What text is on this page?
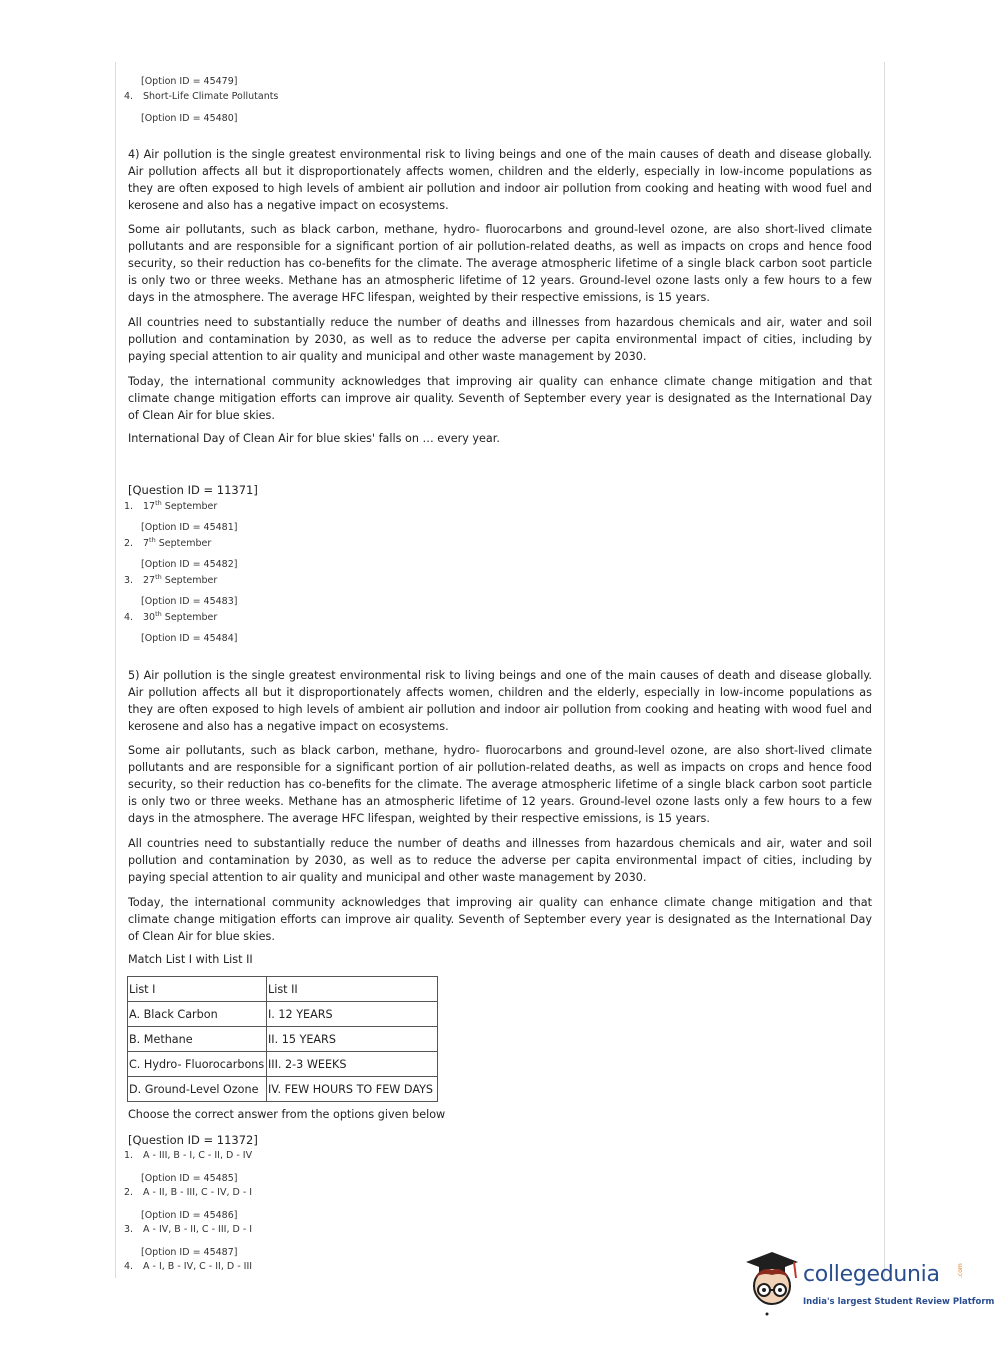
[Option ID = 45479]
4. Short-Life Climate Pollutants
[Option ID = 45480]
4) Air pollution is the single greatest environmental risk to living beings and one of the main causes of death and disease globally. Air pollution affects all but it disproportionately affects women, children and the elderly, especially in low-income populations as they are often exposed to high levels of ambient air pollution and indoor air pollution from cooking and heating with wood fuel and kerosene and also has a negative impact on ecosystems.
Some air pollutants, such as black carbon, methane, hydro- fluorocarbons and ground-level ozone, are also short-lived climate pollutants and are responsible for a significant portion of air pollution-related deaths, as well as impacts on crops and hence food security, so their reduction has co-benefits for the climate. The average atmospheric lifetime of a single black carbon soot particle is only two or three weeks. Methane has an atmospheric lifetime of 12 years. Ground-level ozone lasts only a few hours to a few days in the atmosphere. The average HFC lifespan, weighted by their respective emissions, is 15 years.
All countries need to substantially reduce the number of deaths and illnesses from hazardous chemicals and air, water and soil pollution and contamination by 2030, as well as to reduce the adverse per capita environmental impact of cities, including by paying special attention to air quality and municipal and other waste management by 2030.
Today, the international community acknowledges that improving air quality can enhance climate change mitigation and that climate change mitigation efforts can improve air quality. Seventh of September every year is designated as the International Day of Clean Air for blue skies.
International Day of Clean Air for blue skies' falls on … every year.
[Question ID = 11371]
1. 17th September
[Option ID = 45481]
2. 7th September
[Option ID = 45482]
3. 27th September
[Option ID = 45483]
4. 30th September
[Option ID = 45484]
5) Air pollution is the single greatest environmental risk to living beings and one of the main causes of death and disease globally. Air pollution affects all but it disproportionately affects women, children and the elderly, especially in low-income populations as they are often exposed to high levels of ambient air pollution and indoor air pollution from cooking and heating with wood fuel and kerosene and also has a negative impact on ecosystems.
Some air pollutants, such as black carbon, methane, hydro- fluorocarbons and ground-level ozone, are also short-lived climate pollutants and are responsible for a significant portion of air pollution-related deaths, as well as impacts on crops and hence food security, so their reduction has co-benefits for the climate. The average atmospheric lifetime of a single black carbon soot particle is only two or three weeks. Methane has an atmospheric lifetime of 12 years. Ground-level ozone lasts only a few hours to a few days in the atmosphere. The average HFC lifespan, weighted by their respective emissions, is 15 years.
All countries need to substantially reduce the number of deaths and illnesses from hazardous chemicals and air, water and soil pollution and contamination by 2030, as well as to reduce the adverse per capita environmental impact of cities, including by paying special attention to air quality and municipal and other waste management by 2030.
Today, the international community acknowledges that improving air quality can enhance climate change mitigation and that climate change mitigation efforts can improve air quality. Seventh of September every year is designated as the International Day of Clean Air for blue skies.
Match List I with List II
List I	List II
A. Black Carbon	I. 12 YEARS
B. Methane	II. 15 YEARS
C. Hydro- Fluorocarbons	III. 2-3 WEEKS
D. Ground-Level Ozone	IV. FEW HOURS TO FEW DAYS
Choose the correct answer from the options given below
[Question ID = 11372]
1. A - III, B - I, C - II, D - IV
[Option ID = 45485]
2. A - II, B - III, C - IV, D - I
[Option ID = 45486]
3. A - IV, B - II, C - III, D - I
[Option ID = 45487]
4. A - I, B - IV, C - II, D - III	collegedunia	.com
India's largest Student Review Platform
